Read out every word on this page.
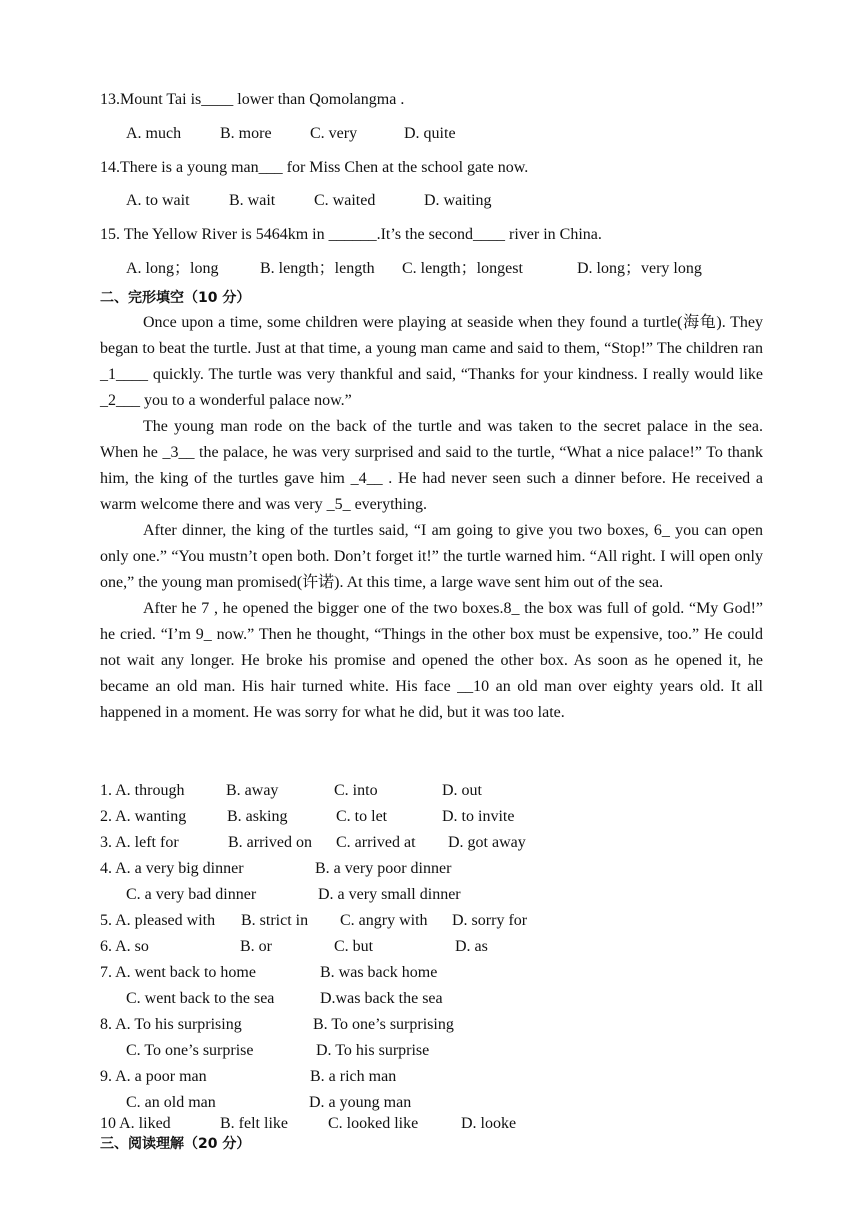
13.Mount Tai is____ lower than Qomolangma .
A. much B. more C. very	D. quite
14.There is a young man___ for Miss Chen at the school gate now.
A. to wait B. wait C. waited	D. waiting
15. The Yellow River is 5464km in ______.It’s the second____ river in China.
A. long；long	B. length；length C. length；longest	D. long；very long
二、完形填空（10 分）

Once upon a time, some children were playing at seaside when they found a turtle(海龟). They began to beat the turtle. Just at that time, a young man came and said to them, “Stop!” The children ran _1____ quickly. The turtle was very thankful and said, “Thanks for your kindness. I really would like _2___ you to a wonderful palace now.”

The young man rode on the back of the turtle and was taken to the secret palace in the sea. When he _3__ the palace, he was very surprised and said to the turtle, “What a nice palace!” To thank him, the king of the turtles gave him _4__ . He had never seen such a dinner before. He received a warm welcome there and was very _5_ everything.

After dinner, the king of the turtles said, “I am going to give you two boxes, 6_ you can open only one.” “You mustn’t open both. Don’t forget it!” the turtle warned him. “All right. I will open only one,” the young man promised(许诺). At this time, a large wave sent him out of the sea.

After he 7 , he opened the bigger one of the two boxes.8_ the box was full of gold. “My God!” he cried. “I’m 9_ now.” Then he thought, “Things in the other box must be expensive, too.” He could not wait any longer. He broke his promise and opened the other box. As soon as he opened it, he became an old man. His hair turned white. His face __10 an old man over eighty years old. It all happened in a moment. He was sorry for what he did, but it was too late.

1. A. through	B. away	C. into	D. out
2. A. wanting	B. asking	C. to let	D. to invite
3. A. left for	B. arrived on C. arrived at D. got away
4. A. a very big dinner	B. a very poor dinner
C. a very bad dinner	D. a very small dinner
5. A. pleased with B. strict in C. angry with D. sorry for
6. A. so	B. or	C. but	D. as
7. A. went back to home	B. was back home
C. went back to the sea	D.was back the sea
8. A. To his surprising	B. To one’s surprising
C. To one’s surprise	D. To his surprise
9. A. a poor man	B. a rich man
C. an old man	D. a young man
10 A. liked	B. felt like	C. looked like	D. looke
三、阅读理解（20 分）
